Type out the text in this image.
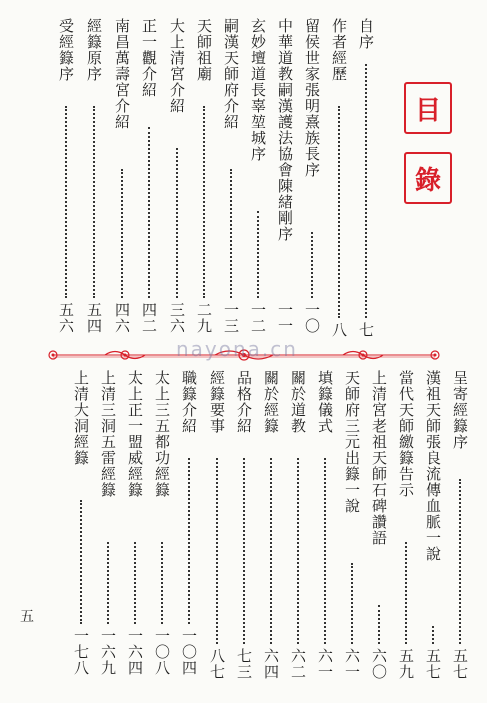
目
錄
自序
七
作者經歷
八
留侯世家張明熹族長序
一〇
中華道教嗣漢護法協會陳緒剛序
一一
玄妙壇道長辜堃城序
一二
嗣漢天師府介紹
一三
天師祖廟
二九
大上清宮介紹
三六
正一觀介紹
四二
南昌萬壽宮介紹
四六
經籙原序
五四
受經籙序
五六
nayona.cn
呈寄經籙序
五七
漢祖天師張良流傳血脈一說
五七
當代天師繳籙告示
五九
上清宮老祖天師石碑讚語
六〇
天師府三元出籙一說
六一
填籙儀式
六一
關於道教
六二
關於經籙
六四
品格介紹
七三
經籙要事
八七
職籙介紹
一〇四
太上三五都功經籙
一〇八
太上正一盟威經籙
一六四
上清三洞五雷經籙
一六九
上清大洞經籙
一七八
五
